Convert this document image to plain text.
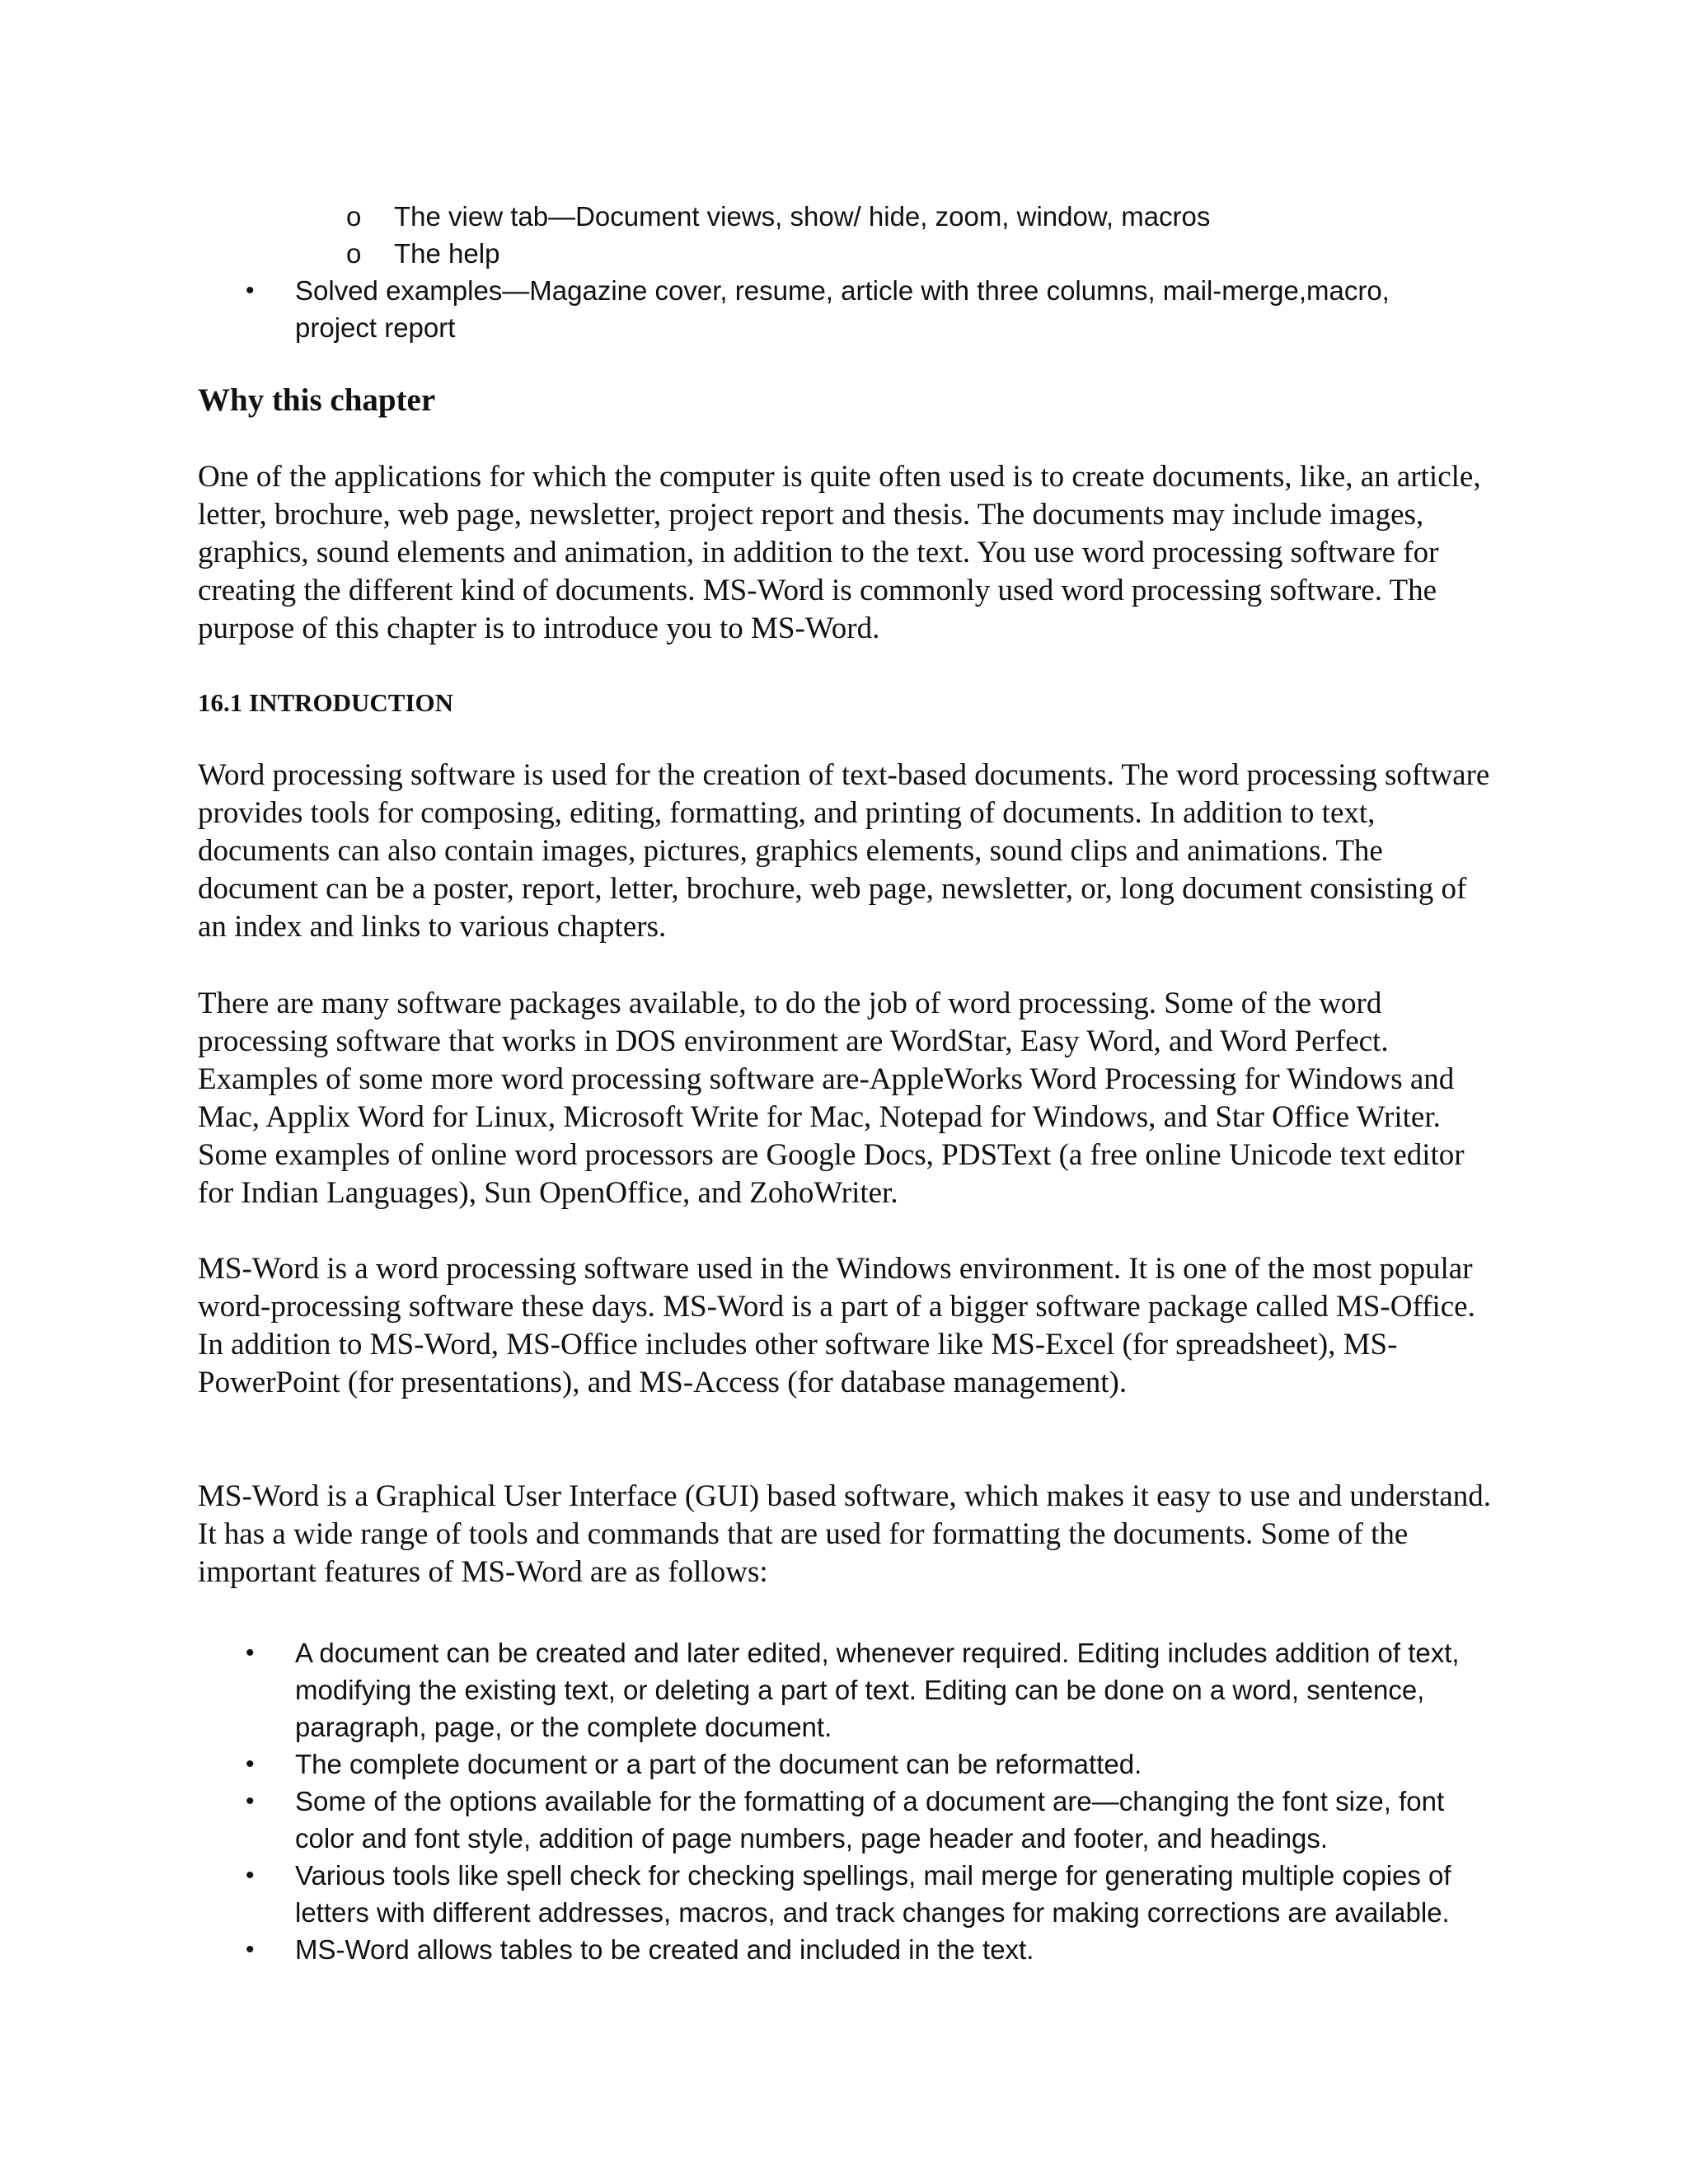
o The view tab—Document views, show/ hide, zoom, window, macros

o The help

• Solved examples—Magazine cover, resume, article with three columns, mail-merge,macro, project report

Why this chapter

One of the applications for which the computer is quite often used is to create documents, like, an article, letter, brochure, web page, newsletter, project report and thesis. The documents may include images, graphics, sound elements and animation, in addition to the text. You use word processing software for creating the different kind of documents. MS-Word is commonly used word processing software. The purpose of this chapter is to introduce you to MS-Word.

16.1 INTRODUCTION

Word processing software is used for the creation of text-based documents. The word processing software provides tools for composing, editing, formatting, and printing of documents. In addition to text, documents can also contain images, pictures, graphics elements, sound clips and animations. The document can be a poster, report, letter, brochure, web page, newsletter, or, long document consisting of an index and links to various chapters.

There are many software packages available, to do the job of word processing. Some of the word processing software that works in DOS environment are WordStar, Easy Word, and Word Perfect. Examples of some more word processing software are-AppleWorks Word Processing for Windows and Mac, Applix Word for Linux, Microsoft Write for Mac, Notepad for Windows, and Star Office Writer. Some examples of online word processors are Google Docs, PDSText (a free online Unicode text editor for Indian Languages), Sun OpenOffice, and ZohoWriter.

MS-Word is a word processing software used in the Windows environment. It is one of the most popular word-processing software these days. MS-Word is a part of a bigger software package called MS-Office. In addition to MS-Word, MS-Office includes other software like MS-Excel (for spreadsheet), MS-PowerPoint (for presentations), and MS-Access (for database management).

MS-Word is a Graphical User Interface (GUI) based software, which makes it easy to use and understand. It has a wide range of tools and commands that are used for formatting the documents. Some of the important features of MS-Word are as follows:

• A document can be created and later edited, whenever required. Editing includes addition of text, modifying the existing text, or deleting a part of text. Editing can be done on a word, sentence, paragraph, page, or the complete document.

• The complete document or a part of the document can be reformatted.

• Some of the options available for the formatting of a document are—changing the font size, font color and font style, addition of page numbers, page header and footer, and headings.

• Various tools like spell check for checking spellings, mail merge for generating multiple copies of letters with different addresses, macros, and track changes for making corrections are available.

• MS-Word allows tables to be created and included in the text.
